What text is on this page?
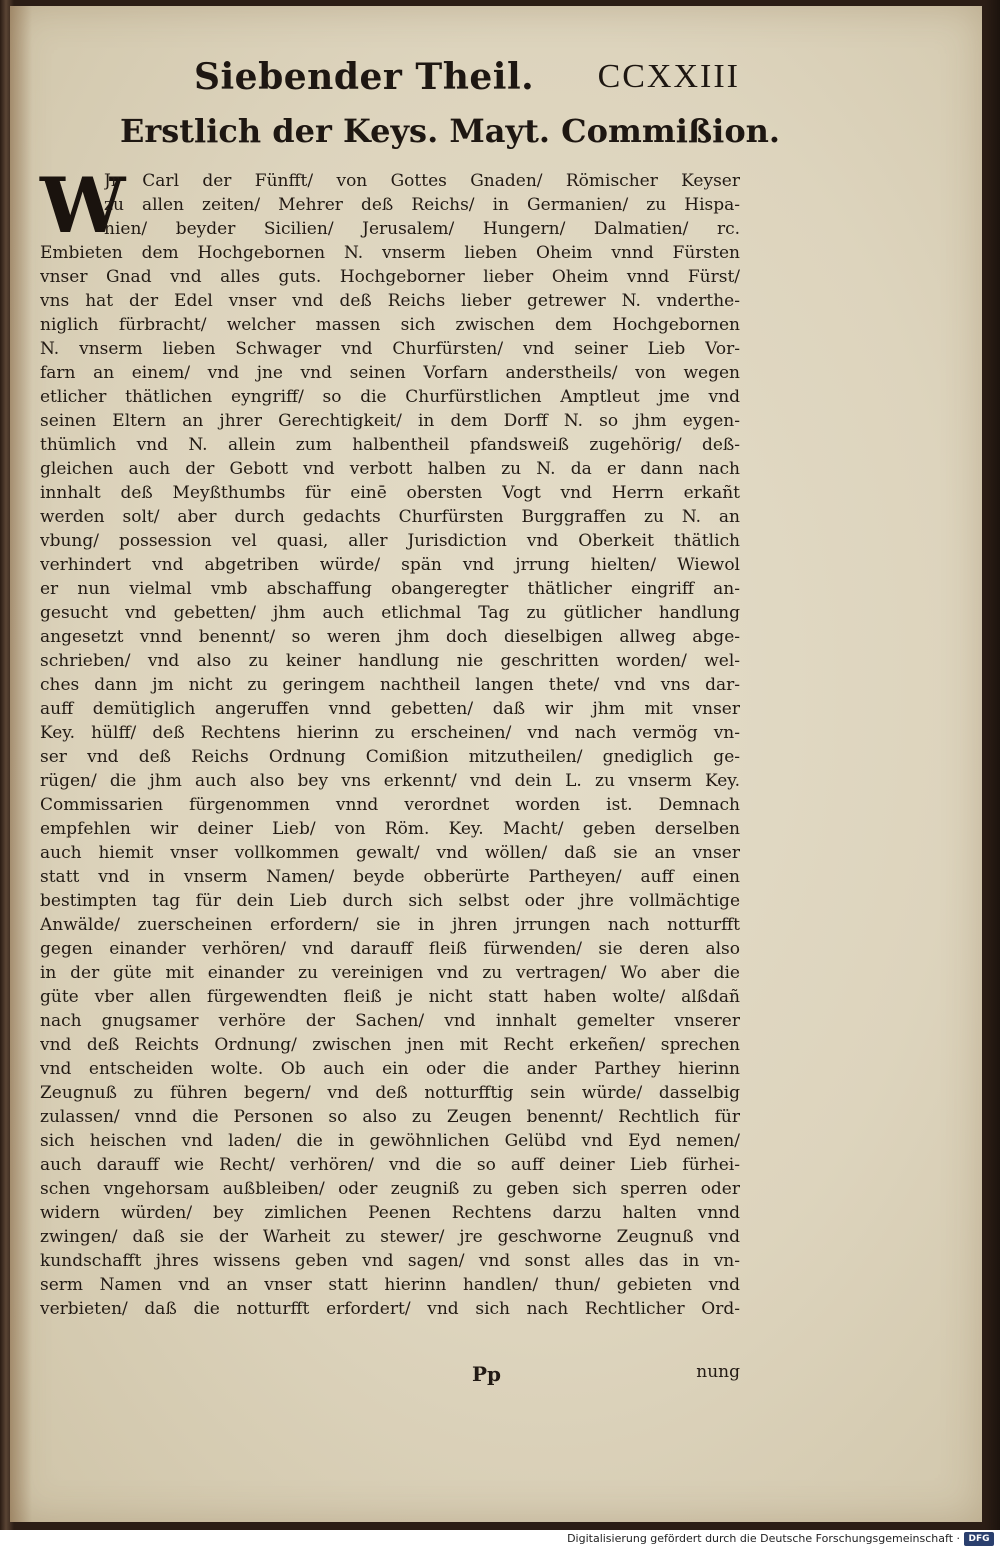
Siebender Theil. CCXXIII
Erstlich der Keys. Mayt. Commißion.
W
Jr Carl der Fünfft/ von Gottes Gnaden/ Römischer Keyser
zu allen zeiten/ Mehrer deß Reichs/ in Germanien/ zu Hispa-
nien/ beyder Sicilien/ Jerusalem/ Hungern/ Dalmatien/ rc.
Embieten dem Hochgebornen N. vnserm lieben Oheim vnnd Fürsten
vnser Gnad vnd alles guts. Hochgeborner lieber Oheim vnnd Fürst/
vns hat der Edel vnser vnd deß Reichs lieber getrewer N. vnderthe-
niglich fürbracht/ welcher massen sich zwischen dem Hochgebornen
N. vnserm lieben Schwager vnd Churfürsten/ vnd seiner Lieb Vor-
farn an einem/ vnd jne vnd seinen Vorfarn anderstheils/ von wegen
etlicher thätlichen eyngriff/ so die Churfürstlichen Amptleut jme vnd
seinen Eltern an jhrer Gerechtigkeit/ in dem Dorff N. so jhm eygen-
thümlich vnd N. allein zum halbentheil pfandsweiß zugehörig/ deß-
gleichen auch der Gebott vnd verbott halben zu N. da er dann nach
innhalt deß Meyßthumbs für einē obersten Vogt vnd Herrn erkañt
werden solt/ aber durch gedachts Churfürsten Burggraffen zu N. an
vbung/ possession vel quasi, aller Jurisdiction vnd Oberkeit thätlich
verhindert vnd abgetriben würde/ spän vnd jrrung hielten/ Wiewol
er nun vielmal vmb abschaffung obangeregter thätlicher eingriff an-
gesucht vnd gebetten/ jhm auch etlichmal Tag zu gütlicher handlung
angesetzt vnnd benennt/ so weren jhm doch dieselbigen allweg abge-
schrieben/ vnd also zu keiner handlung nie geschritten worden/ wel-
ches dann jm nicht zu geringem nachtheil langen thete/ vnd vns dar-
auff demütiglich angeruffen vnnd gebetten/ daß wir jhm mit vnser
Key. hülff/ deß Rechtens hierinn zu erscheinen/ vnd nach vermög vn-
ser vnd deß Reichs Ordnung Comißion mitzutheilen/ gnediglich ge-
rügen/ die jhm auch also bey vns erkennt/ vnd dein L. zu vnserm Key.
Commissarien fürgenommen vnnd verordnet worden ist. Demnach
empfehlen wir deiner Lieb/ von Röm. Key. Macht/ geben derselben
auch hiemit vnser vollkommen gewalt/ vnd wöllen/ daß sie an vnser
statt vnd in vnserm Namen/ beyde obberürte Partheyen/ auff einen
bestimpten tag für dein Lieb durch sich selbst oder jhre vollmächtige
Anwälde/ zuerscheinen erfordern/ sie in jhren jrrungen nach notturfft
gegen einander verhören/ vnd darauff fleiß fürwenden/ sie deren also
in der güte mit einander zu vereinigen vnd zu vertragen/ Wo aber die
güte vber allen fürgewendten fleiß je nicht statt haben wolte/ alßdañ
nach gnugsamer verhöre der Sachen/ vnd innhalt gemelter vnserer
vnd deß Reichts Ordnung/ zwischen jnen mit Recht erkeñen/ sprechen
vnd entscheiden wolte. Ob auch ein oder die ander Parthey hierinn
Zeugnuß zu führen begern/ vnd deß notturfftig sein würde/ dasselbig
zulassen/ vnnd die Personen so also zu Zeugen benennt/ Rechtlich für
sich heischen vnd laden/ die in gewöhnlichen Gelübd vnd Eyd nemen/
auch darauff wie Recht/ verhören/ vnd die so auff deiner Lieb fürhei-
schen vngehorsam außbleiben/ oder zeugniß zu geben sich sperren oder
widern würden/ bey zimlichen Peenen Rechtens darzu halten vnnd
zwingen/ daß sie der Warheit zu stewer/ jre geschworne Zeugnuß vnd
kundschafft jhres wissens geben vnd sagen/ vnd sonst alles das in vn-
serm Namen vnd an vnser statt hierinn handlen/ thun/ gebieten vnd
verbieten/ daß die notturfft erfordert/ vnd sich nach Rechtlicher Ord-
Pp	nung
Digitalisierung gefördert durch die Deutsche Forschungsgemeinschaft · DFG
